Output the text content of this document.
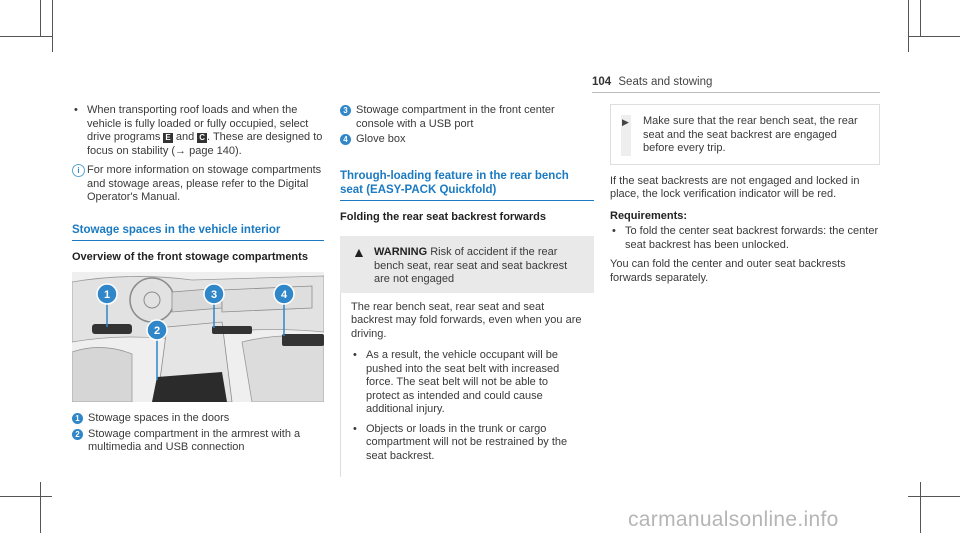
104 Seats and stowing
• When transporting roof loads and when the vehicle is fully loaded or fully occupied, select drive programs E and C . These are designed to focus on stability (→ page 140).
i For more information on stowage compartments and stowage areas, please refer to the Digital Operator's Manual.
Stowage spaces in the vehicle interior
Overview of the front stowage compartments
1
2
3	4
1 Stowage spaces in the doors
2 Stowage compartment in the armrest with a multimedia and USB connection
3 Stowage compartment in the front center console with a USB port
4 Glove box
Through-loading feature in the rear bench seat (EASY-PACK Quickfold)
Folding the rear seat backrest forwards
▲ WARNING Risk of accident if the rear bench seat, rear seat and seat backrest are not engaged

The rear bench seat, rear seat and seat backrest may fold forwards, even when you are driving.

• As a result, the vehicle occupant will be pushed into the seat belt with increased force. The seat belt will not be able to protect as intended and could cause additional injury.
• Objects or loads in the trunk or cargo compartment will not be restrained by the seat backrest.
▶	Make sure that the rear bench seat, the rear seat and the seat backrest are engaged before every trip.

If the seat backrests are not engaged and locked in place, the lock verification indicator will be red.

Requirements:
• To fold the center seat backrest forwards: the center seat backrest has been unlocked.

You can fold the center and outer seat backrests forwards separately.

carmanualsonline.info
